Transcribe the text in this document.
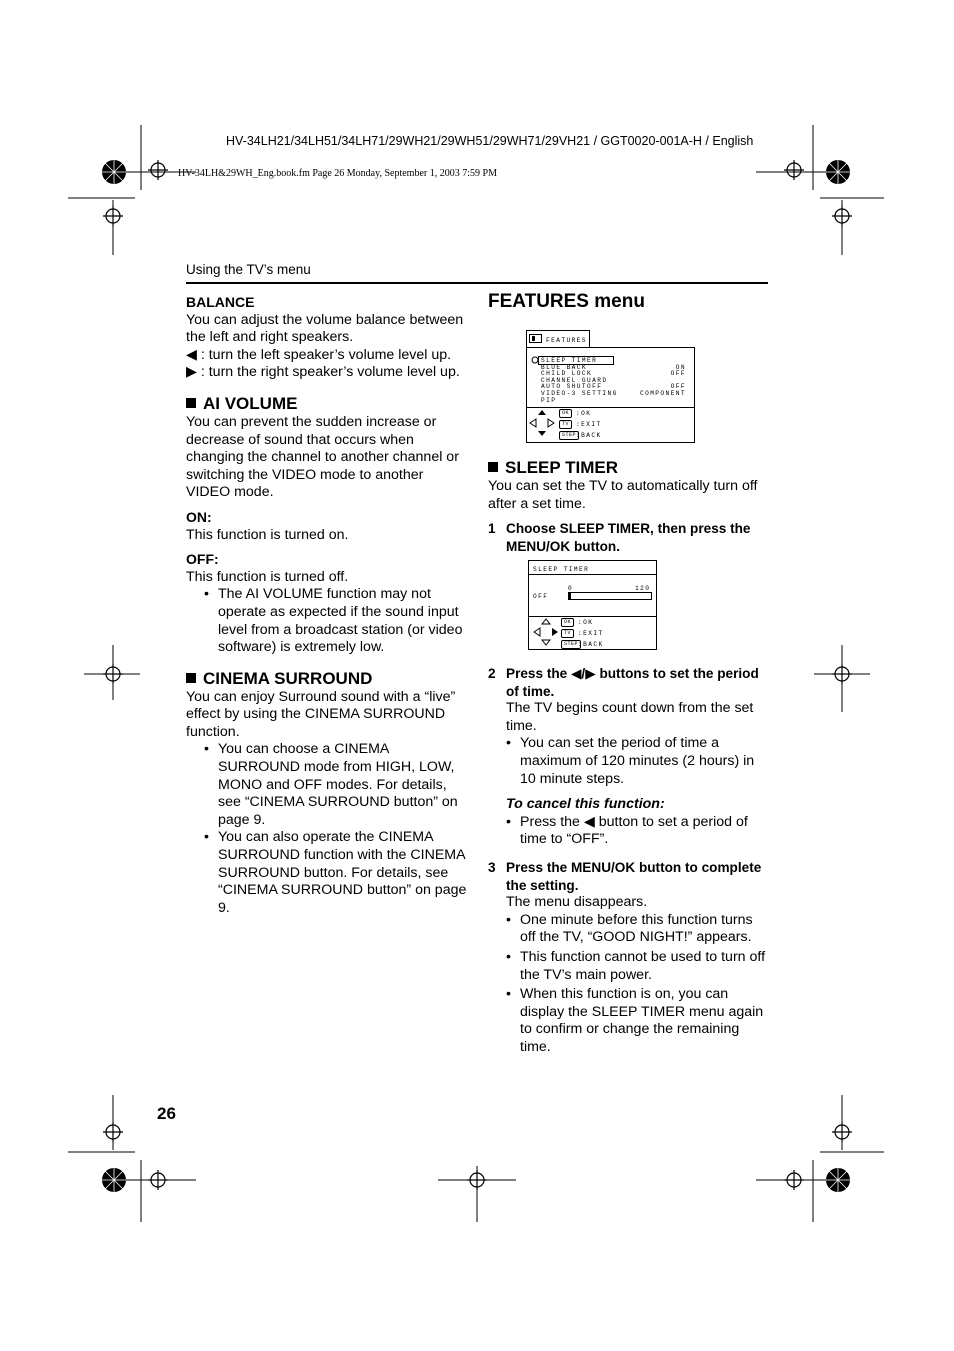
HV-34LH21/34LH51/34LH71/29WH21/29WH51/29WH71/29VH21 / GGT0020-001A-H / English
HV-34LH&29WH_Eng.book.fm Page 26 Monday, September 1, 2003 7:59 PM
Using the TV’s menu
BALANCE

You can adjust the volume balance between the left and right speakers.

◀ : turn the left speaker’s volume level up.

▶ : turn the right speaker’s volume level up.

AI VOLUME

You can prevent the sudden increase or decrease of sound that occurs when changing the channel to another channel or switching the VIDEO mode to another VIDEO mode.

ON:

This function is turned on.

OFF:

This function is turned off.

• The AI VOLUME function may not operate as expected if the sound input level from a broadcast station (or video software) is extremely low.
CINEMA SURROUND

You can enjoy Surround sound with a “live” effect by using the CINEMA SURROUND function.

• You can choose a CINEMA SURROUND mode from HIGH, LOW, MONO and OFF modes. For details, see “CINEMA SURROUND button” on page 9.
• You can also operate the CINEMA SURROUND function with the CINEMA SURROUND button. For details, see “CINEMA SURROUND button” on page 9.
FEATURES menu
FEATURES
SLEEP TIMER
BLUE BACK	ON
CHILD LOCK	OFF
CHANNEL GUARD
AUTO SHUTOFF	OFF
VIDEO-3 SETTING	COMPONENT
PIP
OK	:OK
TV	:EXIT
STEP :BACK
SLEEP TIMER

You can set the TV to automatically turn off after a set time.

1 Choose SLEEP TIMER, then press the MENU/OK button.
SLEEP TIMER
0	120
OFF
OK	:OK
TV	:EXIT
STEP :BACK
2 Press the ◀/▶ buttons to set the period of time.

The TV begins count down from the set time.

• You can set the period of time a maximum of 120 minutes (2 hours) in 10 minute steps.

To cancel this function:

• Press the ◀ button to set a period of time to “OFF”.
3 Press the MENU/OK button to complete the setting.

The menu disappears.

• One minute before this function turns off the TV, “GOOD NIGHT!” appears.
• This function cannot be used to turn off the TV’s main power.
• When this function is on, you can display the SLEEP TIMER menu again to confirm or change the remaining time.
26
